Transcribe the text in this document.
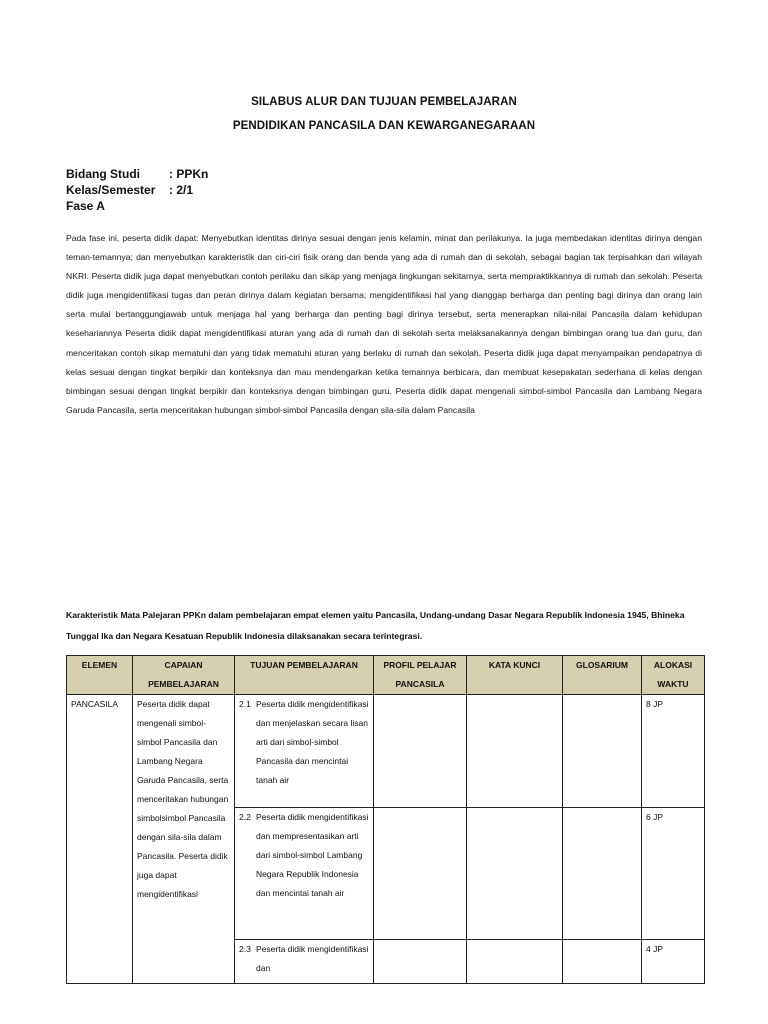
SILABUS ALUR DAN TUJUAN PEMBELAJARAN
PENDIDIKAN PANCASILA DAN KEWARGANEGARAAN
Bidang Studi	: PPKn
Kelas/Semester	: 2/1
Fase A
Pada fase ini, peserta didik dapat: Menyebutkan identitas dirinya sesuai dengan jenis kelamin, minat dan perilakunya. Ia juga membedakan identitas dirinya dengan teman-temannya; dan menyebutkan karakteristik dan ciri-ciri fisik orang dan benda yang ada di rumah dan di sekolah, sebagai bagian tak terpisahkan dari wilayah NKRI. Peserta didik juga dapat menyebutkan contoh perilaku dan sikap yang menjaga lingkungan sekitarnya, serta mempraktikkannya di rumah dan sekolah. Peserta didik juga mengidentifikasi tugas dan peran dirinya dalam kegiatan bersama; mengidentifikasi hal yang dianggap berharga dan penting bagi dirinya dan orang lain serta mulai bertanggungjawab untuk menjaga hal yang berharga dan penting bagi dirinya tersebut, serta menerapkan nilai-nilai Pancasila dalam kehidupan kesehariannya Peserta didik dapat mengidentifikasi aturan yang ada di rumah dan di sekolah serta melaksanakannya dengan bimbingan orang tua dan guru, dan menceritakan contoh sikap mematuhi dan yang tidak mematuhi aturan yang berlaku di rumah dan sekolah. Peserta didik juga dapat menyampaikan pendapatnya di kelas sesuai dengan tingkat berpikir dan konteksnya dan mau mendengarkan ketika temannya berbicara, dan membuat kesepakatan sederhana di kelas dengan bimbingan sesuai dengan tingkat berpikir dan konteksnya dengan bimbingan guru. Peserta didik dapat mengenali simbol-simbol Pancasila dan Lambang Negara Garuda Pancasila, serta menceritakan hubungan simbol-simbol Pancasila dengan sila-sila dalam Pancasila
Karakteristik Mata Palejaran PPKn dalam pembelajaran empat elemen yaitu Pancasila, Undang-undang Dasar Negara Republik Indonesia 1945, Bhineka Tunggal Ika dan Negara Kesatuan Republik Indonesia dilaksanakan secara terintegrasi.
ELEMEN	CAPAIAN PEMBELAJARAN	TUJUAN PEMBELAJARAN	PROFIL PELAJAR PANCASILA	KATA KUNCI	GLOSARIUM	ALOKASI WAKTU
PANCASILA	Peserta didik dapat mengenali simbol-simbol Pancasila dan Lambang Negara Garuda Pancasila, serta menceritakan hubungan simbolsimbol Pancasila dengan sila-sila dalam Pancasila. Peserta didik juga dapat mengidentifikasi	2.1 Peserta didik mengidentifikasi dan menjelaskan secara lisan arti dari simbol-simbol Pancasila dan mencintai tanah air				8 JP

		2.2 Peserta didik mengidentifikasi dan mempresentasikan arti dari simbol-simbol Lambang Negara Republik Indonesia dan mencintai tanah air				6 JP

		2.3 Peserta didik mengidentifikasi dan				4 JP
